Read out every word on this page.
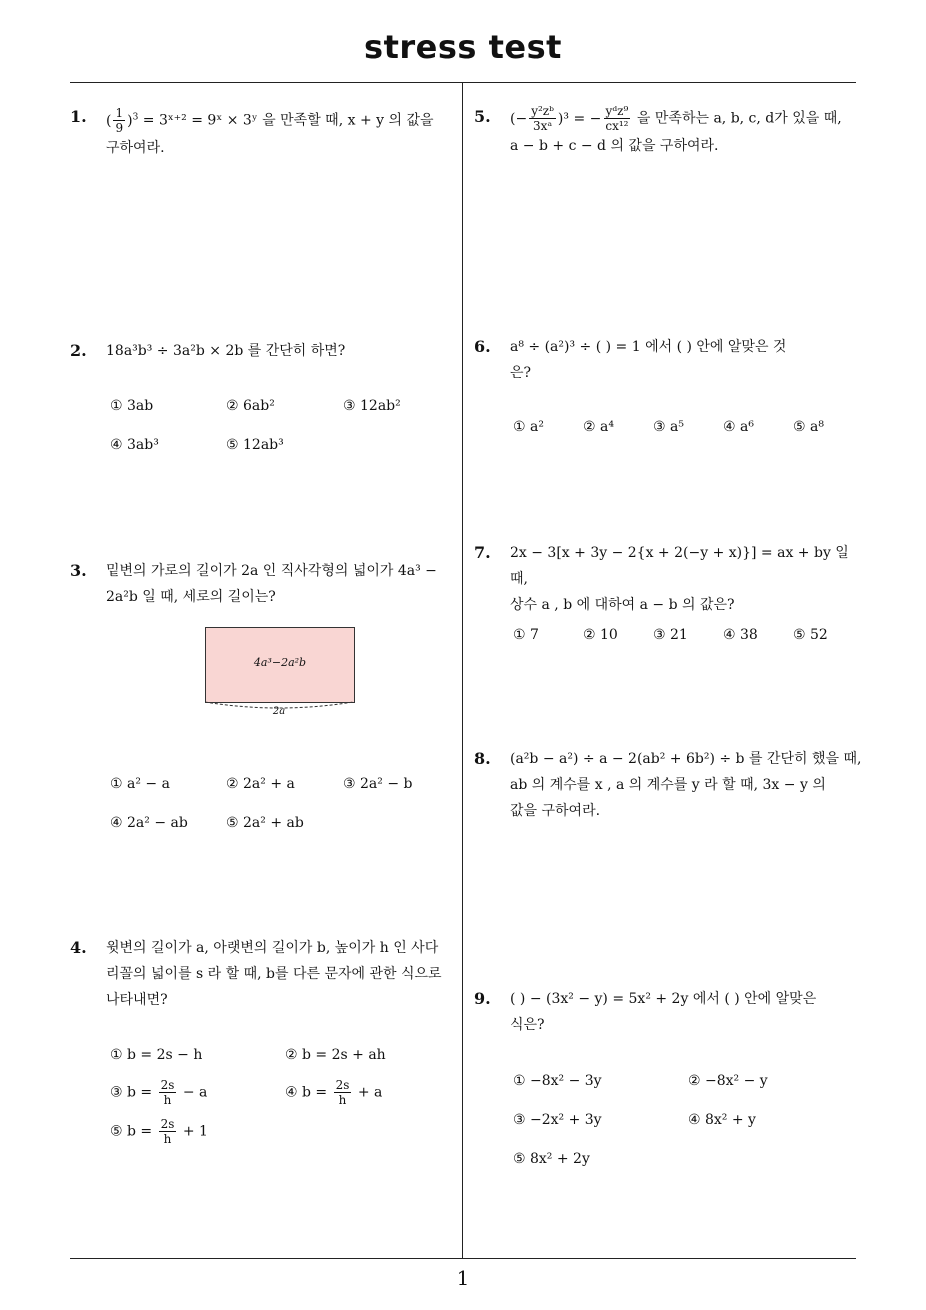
stress test
1
1. ( $\frac{1}{9} )^3$ = 3ˣ⁺² = 9ˣ × 3ʸ 을 만족할 때, x + y 의 값을
구하여라.
2. 18a³b³ ÷ 3a²b × 2b 를 간단히 하면?
① 3ab	② 6ab²	③ 12ab²
④ 3ab³	⑤ 12ab³
3. 밑변의 가로의 길이가 2a 인 직사각형의 넓이가 4a³ −
2a²b 일 때, 세로의 길이는?
4a³−2a²b
2a
① a² − a	② 2a² + a	③ 2a² − b
④ 2a² − ab	⑤ 2a² + ab
4. 윗변의 길이가 a, 아랫변의 길이가 b, 높이가 h 인 사다
리꼴의 넓이를 s 라 할 때, b를 다른 문자에 관한 식으로
나타내면?
① b = 2s − h	② b = 2s + ah
③ $b = \frac{2s}{h} - a$	④ $b = \frac{2s}{h} + a$
⑤ $b = \frac{2s}{h} + 1$
5. (− $\frac{\text{y²zᵇ}}{\text{3xᵃ}} )^3$ = − $\frac{\text{yᵈz⁹}}{\text{cx¹²}}$ 을 만족하는 a, b, c, d가 있을 때,
a − b + c − d 의 값을 구하여라.
6. a⁸ ÷ (a²)³ ÷ ( ) = 1 에서 ( ) 안에 알맞은 것
은?
① a²	② a⁴	③ a⁵	④ a⁶	⑤ a⁸
7. 2x − 3[x + 3y − 2{x + 2(−y + x)}] = ax + by 일 때,
상수 a , b 에 대하여 a − b 의 값은?
① 7	② 10	③ 21	④ 38	⑤ 52
8. (a²b − a²) ÷ a − 2(ab² + 6b²) ÷ b 를 간단히 했을 때,
ab 의 계수를 x , a 의 계수를 y 라 할 때, 3x − y 의
값을 구하여라.
9. ( ) − (3x² − y) = 5x² + 2y 에서 ( ) 안에 알맞은
식은?
① −8x² − 3y	② −8x² − y
③ −2x² + 3y	④ 8x² + y
⑤ 8x² + 2y
